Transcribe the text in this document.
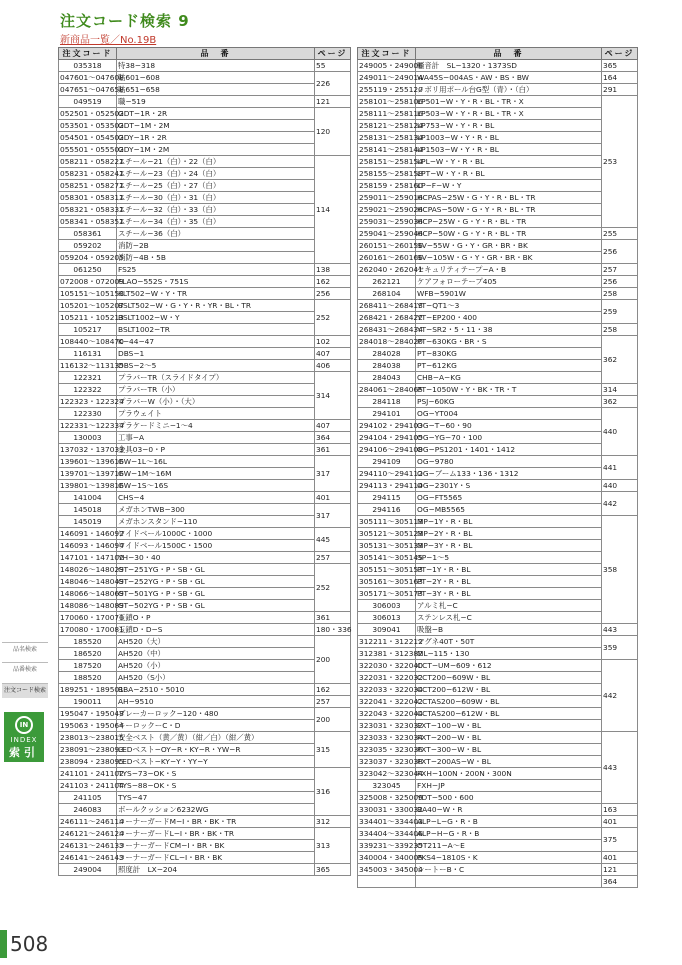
注文コード検索 9
新商品一覧／No.19B
注文コード	品　番	ページ
035318	特38−318	55
047601〜047608	貼601−608	226
047651〜047658	貼651−658	
049519	職−519	121
052501・052502	GDT−1R・2R	120
053501・053502	GDT−1M・2M	
054501・054502	GDY−1R・2R	
055501・055502	GDY−1M・2M	
058211・058221	スチール−21（白）・22（白）	114
058231・058241	スチール−23（白）・24（白）	
058251・058271	スチール−25（白）・27（白）	
058301・058311	スチール−30（白）・31（白）	
058321・058331	スチール−32（白）・33（白）	
058341・058351	スチール−34（白）・35（白）	
058361	スチール−36（白）	
059202	消防−2B	
059204・059205	消防−4B・5B	
061250	FS25	138
072008・072009	FLAO−552S・751S	162
105151〜105153	KLT502−W・Y・TR	256
105201〜105207	BSLT502−W・G・Y・R・YR・BL・TR	252
105211・105213	BSLT1002−W・Y	
105217	BSLT1002−TR	
108440〜108470	K−44−47	102
116131	DBS−1	407
116132〜113135	DBS−2〜5	406
122321	プラバーTR（スライドタイプ）	314
122322	プラバーTR（小）	
122323・122324	プラバーW（小）・（大）	
122330	プラウェイト	
122331〜122334	プラケードミニ−1〜4	407
130003	工事−A	364
137032・137033	金具03−0・P	361
139601〜139616	GW−1L〜16L	317
139701〜139716	GW−1M〜16M	
139801〜139816	GW−1S〜16S	
141004	CHS−4	401
145018	メガホンTWB−300	317
145019	メガホンスタンド−110	
146091・146092	ワイドベール1000C・1000	445
146093・146094	ワイドベール1500C・1500	
147101・147102	YH−30・40	257
148026〜148029	GT−251YG・P・SB・GL	252
148046〜148049	GT−252YG・P・SB・GL	
148066〜148069	GT−501YG・P・SB・GL	
148086〜148089	GT−502YG・P・SB・GL	
170060・170070	玉鎖O・P	361
170080・170081	玉鎖D・D−S	180・336
185520	AH520（大）	200
186520	AH520（中）	
187520	AH520（小）	
188520	AH520（S小）	
189251・189501	BBA−2510・5010	162
190011	AH−9510	257
195047・195048	ブレーカーロック−120・480	200
195063・195064	キーロックーC・D	
238013〜238015	安全ベスト（黄／黄）（紺／白）（紺／黄）	315
238091〜238093	LEDベスト−OY−R・KY−R・YW−R	
238094・238095	LEDベスト−KY−Y・YY−Y	
241101・241102	TYS−73−OK・S	316
241103・241104	TYS−88−OK・S	
241105	TYS−47	
246083	ボールクッション6232WG	
246111〜246114	コーナーガードM−I・BR・BK・TR	312
246121〜246124	コーナーガードL−I・BR・BK・TR	313
246131〜246133	コーナーガードCM−I・BR・BK	
246141〜246143	コーナーガードCL−I・BR・BK	
249004	照度計　LX−204	365
注文コード	品　番	ページ
249005・249006	騒音計　SL−1320・1373SD	365
249011〜249014	WA45S−004AS・AW・BS・BW	164
255119・255120	ノボリ用ポール台G型（青）・（白）	291
258101〜258106	LP501−W・Y・R・BL・TR・X	253
258111〜258116	LP503−W・Y・R・BL・TR・X	
258121〜258124	LP753−W・Y・R・BL	
258131〜258134	LP1003−W・Y・R・BL	
258141〜258144	LP1503−W・Y・R・BL	
258151〜258154	LPL−W・Y・R・BL	
258155〜258158	LPT−W・Y・R・BL	
258159・258160	LP−F−W・Y	
259011〜259016	HCPAS−25W・G・Y・R・BL・TR	
259021〜259026	HCPAS−50W・G・Y・R・BL・TR	
259031〜259036	HCP−25W・G・Y・R・BL・TR	
259041〜259046	HCP−50W・G・Y・R・BL・TR	255
260151〜260156	SV−55W・G・Y・GR・BR・BK	256
260161〜260166	SV−105W・G・Y・GR・BR・BK	
262040・262041	セキュリティテープ−A・B	257
262121	ケアフォローテープ405	256
268104	WFB−5901W	258
268411〜268413	YT−QT1〜3	259
268421・268422	YT−EP200・400	
268431〜268434	YT−SR2・5・11・38	258
284018〜284020	PT−630KG・BR・S	362
284028	PT−830KG	
284038	PT−612KG	
284043	CHB−A−KG	
284061〜284065	PT−1050W・Y・BK・TR・T	314
284118	PSJ−60KG	362
294101	OG−YT004	440
294102・294103	OG−T−60・90	
294104・294105	OG−YG−70・100	
294106〜294108	OG−PS1201・1401・1412	
294109	OG−9780	441
294110〜294112	OG−ブーム133・136・1312	
294113・294114	OG−2301Y・S	440
294115	OG−FT5565	442
294116	OG−MB5565	
305111〜305113	MP−1Y・R・BL	358
305121〜305123	MP−2Y・R・BL	
305131〜305133	MP−3Y・R・BL	
305141〜305145	SP−1〜5	
305151〜305153	PT−1Y・R・BL	
305161〜305163	PT−2Y・R・BL	
305171〜305173	PT−3Y・R・BL	
306003	アルミ札−C	
306013	ステンレス札−C	
309041	吸盤−B	443
312211・312212	マグネ40T・50T	359
312381・312382	ML−115・130	
322030・322040	CCT−UM−609・612	442
322031・322032	CCT200−609W・BL	
322033・322034	CCT200−612W・BL	
322041・322042	CCTAS200−609W・BL	
322043・322044	CCTAS200−612W・BL	
323031・323032	FXT−100−W・BL	
323033・323034	FXT−200−W・BL	443
323035・323036	FXT−300−W・BL	
323037・323038	FXT−200AS−W・BL	
323042〜323044	FXH−100N・200N・300N	
323045	FXH−JP	
325008・325009	YDT−500・600	
330031・330032	BA40−W・R	163
334401〜334403	ALP−L−G・R・B	401
334404〜334406	ALP−H−G・R・B	375
339231〜339235	OT211−A〜E	
340004・340005	PKS4−1810S・K	401
345003・345004	シートーB・C	121
		364
品名検索
品番検索
注文コード検索
IN
INDEX
索引
508
